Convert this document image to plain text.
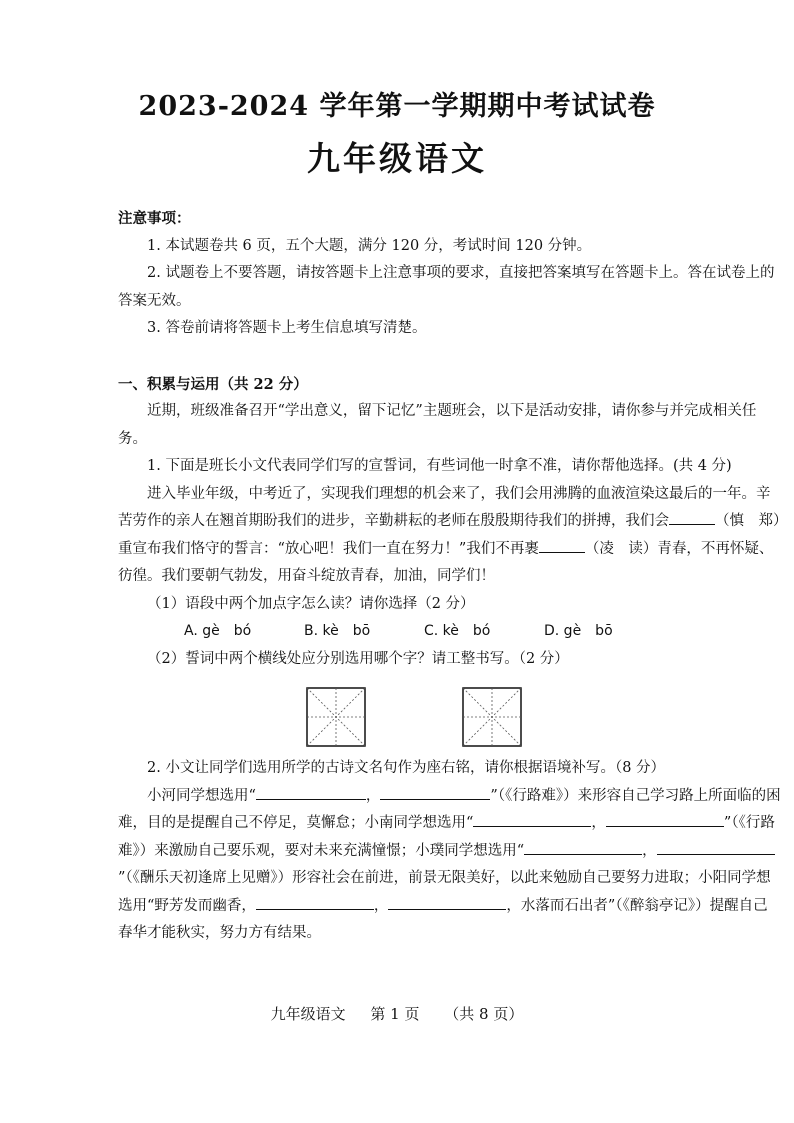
2023-2024 学年第一学期期中考试试卷
九年级语文

注意事项：

1. 本试题卷共 6 页，五个大题，满分 120 分，考试时间 120 分钟。

2. 试题卷上不要答题，请按答题卡上注意事项的要求，直接把答案填写在答题卡上。答在试卷上的答案无效。

3. 答卷前请将答题卡上考生信息填写清楚。

一、积累与运用（共 22 分）

近期，班级准备召开“学出意义，留下记忆”主题班会，以下是活动安排，请你参与并完成相关任务。

1. 下面是班长小文代表同学们写的宣誓词，有些词他一时拿不准，请你帮他选择。(共 4 分)

进入毕业年级，中考近了，实现我们理想的机会来了，我们会用沸腾的血液渲染这最后的一年。辛苦劳作的亲人在翘首期盼我们的进步，辛勤耕耘的老师在殷殷期待我们的拼搏，我们会	（慎　郑）重宣布我们恪守的誓言：“放心吧！我们一直在努力！”我们不再裹	（凌　读）青春，不再怀疑、彷徨。我们要朝气勃发，用奋斗绽放青春，加油，同学们！

（1）语段中两个加点字怎么读？请你选择（2 分）

A. gè　bó	B. kè　bō	C. kè　bó	D. gè　bō

（2）誓词中两个横线处应分别选用哪个字？请工整书写。（2 分）

2. 小文让同学们选用所学的古诗文名句作为座右铭，请你根据语境补写。（8 分）

小河同学想选用“	，	”（《行路难》）来形容自己学习路上所面临的困难，目的是提醒自己不停足，莫懈怠；小南同学想选用“	，	”（《行路难》）来激励自己要乐观，要对未来充满憧憬；小璞同学想选用“	，”（《酬乐天初逢席上见赠》）形容社会在前进，前景无限美好，以此来勉励自己要努力进取；小阳同学想选用“野芳发而幽香，	，	，水落而石出者”（《醉翁亭记》）提醒自己春华才能秋实，努力方有结果。

九年级语文 第 1 页 （共 8 页）
